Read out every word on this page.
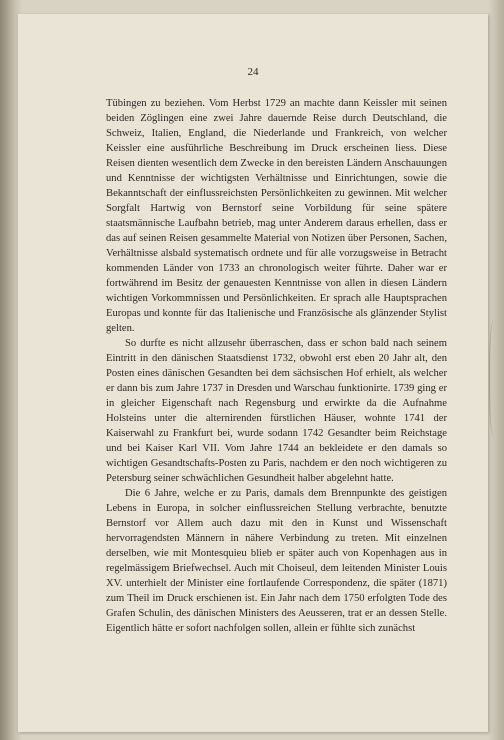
24

Tübingen zu beziehen. Vom Herbst 1729 an machte dann Keissler mit seinen beiden Zöglingen eine zwei Jahre dauernde Reise durch Deutschland, die Schweiz, Italien, England, die Niederlande und Frankreich, von welcher Keissler eine ausführliche Beschreibung im Druck erscheinen liess. Diese Reisen dienten wesentlich dem Zwecke in den bereisten Ländern Anschauungen und Kenntnisse der wichtigsten Verhältnisse und Einrichtungen, sowie die Bekanntschaft der einflussreichsten Persönlichkeiten zu gewinnen. Mit welcher Sorgfalt Hartwig von Bernstorf seine Vorbildung für seine spätere staatsmännische Laufbahn betrieb, mag unter Anderem daraus erhellen, dass er das auf seinen Reisen gesammelte Material von Notizen über Personen, Sachen, Verhältnisse alsbald systematisch ordnete und für alle vorzugsweise in Betracht kommenden Länder von 1733 an chronologisch weiter führte. Daher war er fortwährend im Besitz der genauesten Kenntnisse von allen in diesen Ländern wichtigen Vorkommnissen und Persönlichkeiten. Er sprach alle Hauptsprachen Europas und konnte für das Italienische und Französische als glänzender Stylist gelten.

So durfte es nicht allzusehr überraschen, dass er schon bald nach seinem Eintritt in den dänischen Staatsdienst 1732, obwohl erst eben 20 Jahr alt, den Posten eines dänischen Gesandten bei dem sächsischen Hof erhielt, als welcher er dann bis zum Jahre 1737 in Dresden und Warschau funktionirte. 1739 ging er in gleicher Eigenschaft nach Regensburg und erwirkte da die Aufnahme Holsteins unter die alternirenden fürstlichen Häuser, wohnte 1741 der Kaiserwahl zu Frankfurt bei, wurde sodann 1742 Gesandter beim Reichstage und bei Kaiser Karl VII. Vom Jahre 1744 an bekleidete er den damals so wichtigen Gesandtschafts-Posten zu Paris, nachdem er den noch wichtigeren zu Petersburg seiner schwächlichen Gesundheit halber abgelehnt hatte.

Die 6 Jahre, welche er zu Paris, damals dem Brennpunkte des geistigen Lebens in Europa, in solcher einflussreichen Stellung verbrachte, benutzte Bernstorf vor Allem auch dazu mit den in Kunst und Wissenschaft hervorragendsten Männern in nähere Verbindung zu treten. Mit einzelnen derselben, wie mit Montesquieu blieb er später auch von Kopenhagen aus in regelmässigem Briefwechsel. Auch mit Choiseul, dem leitenden Minister Louis XV. unterhielt der Minister eine fortlaufende Correspondenz, die später (1871) zum Theil im Druck erschienen ist. Ein Jahr nach dem 1750 erfolgten Tode des Grafen Schulin, des dänischen Ministers des Aeusseren, trat er an dessen Stelle. Eigentlich hätte er sofort nachfolgen sollen, allein er fühlte sich zunächst
